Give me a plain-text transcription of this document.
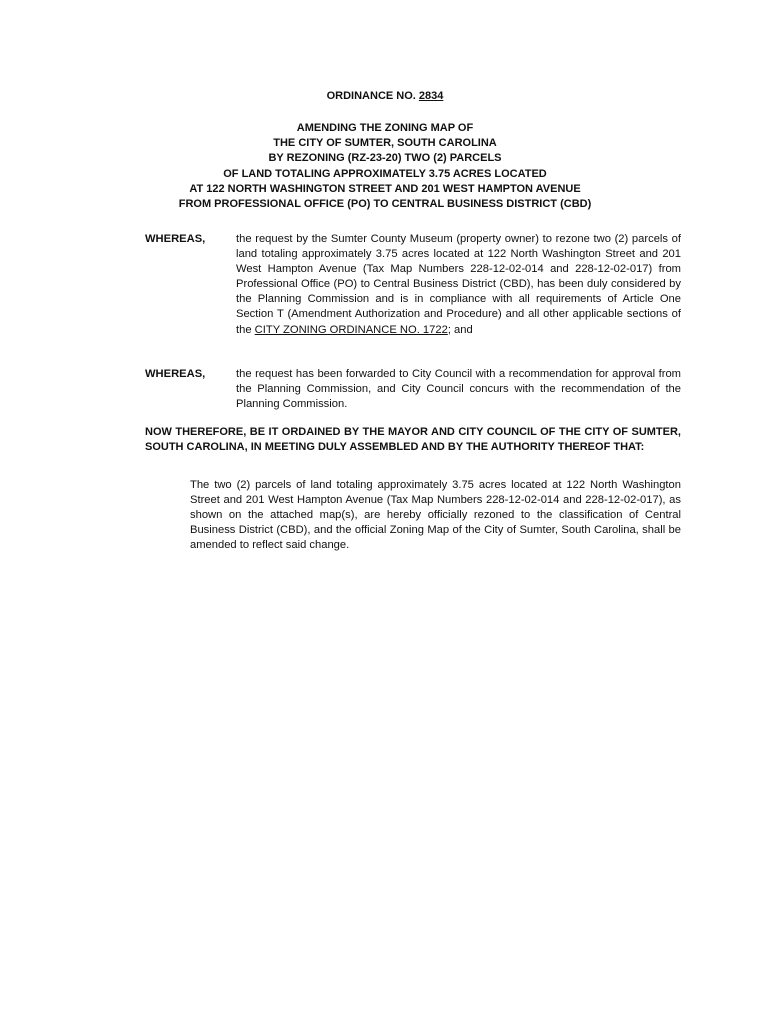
ORDINANCE NO. 2834
AMENDING THE ZONING MAP OF
THE CITY OF SUMTER, SOUTH CAROLINA
BY REZONING (RZ-23-20) TWO (2) PARCELS
OF LAND TOTALING APPROXIMATELY 3.75 ACRES LOCATED
AT 122 NORTH WASHINGTON STREET AND 201 WEST HAMPTON AVENUE
FROM PROFESSIONAL OFFICE (PO) TO CENTRAL BUSINESS DISTRICT (CBD)
WHEREAS,	the request by the Sumter County Museum (property owner) to rezone two (2) parcels of land totaling approximately 3.75 acres located at 122 North Washington Street and 201 West Hampton Avenue (Tax Map Numbers 228-12-02-014 and 228-12-02-017) from Professional Office (PO) to Central Business District (CBD), has been duly considered by the Planning Commission and is in compliance with all requirements of Article One Section T (Amendment Authorization and Procedure) and all other applicable sections of the CITY ZONING ORDINANCE NO. 1722; and
WHEREAS,	the request has been forwarded to City Council with a recommendation for approval from the Planning Commission, and City Council concurs with the recommendation of the Planning Commission.
NOW THEREFORE, BE IT ORDAINED BY THE MAYOR AND CITY COUNCIL OF THE CITY OF SUMTER, SOUTH CAROLINA, IN MEETING DULY ASSEMBLED AND BY THE AUTHORITY THEREOF THAT:
The two (2) parcels of land totaling approximately 3.75 acres located at 122 North Washington Street and 201 West Hampton Avenue (Tax Map Numbers 228-12-02-014 and 228-12-02-017), as shown on the attached map(s), are hereby officially rezoned to the classification of Central Business District (CBD), and the official Zoning Map of the City of Sumter, South Carolina, shall be amended to reflect said change.
